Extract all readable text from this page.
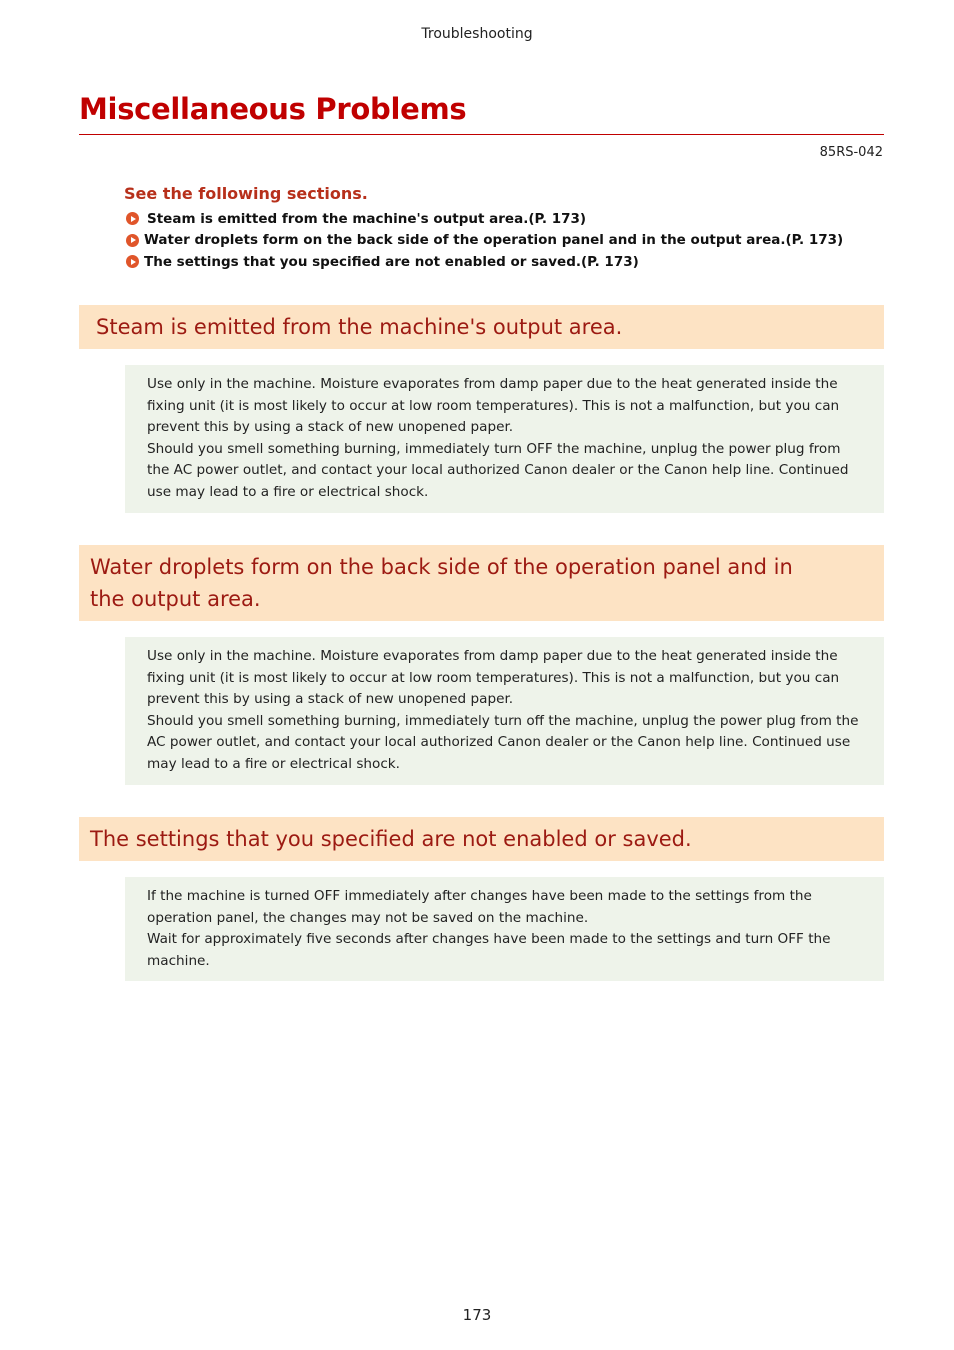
Troubleshooting
Miscellaneous Problems
85RS-042
See the following sections.
Steam is emitted from the machine's output area.(P. 173)
Water droplets form on the back side of the operation panel and in the output area.(P. 173)
The settings that you specified are not enabled or saved.(P. 173)
Steam is emitted from the machine's output area.

Use only in the machine. Moisture evaporates from damp paper due to the heat generated inside the fixing unit (it is most likely to occur at low room temperatures). This is not a malfunction, but you can prevent this by using a stack of new unopened paper.

Should you smell something burning, immediately turn OFF the machine, unplug the power plug from the AC power outlet, and contact your local authorized Canon dealer or the Canon help line. Continued use may lead to a fire or electrical shock.

Water droplets form on the back side of the operation panel and in the output area.

Use only in the machine. Moisture evaporates from damp paper due to the heat generated inside the fixing unit (it is most likely to occur at low room temperatures). This is not a malfunction, but you can prevent this by using a stack of new unopened paper.

Should you smell something burning, immediately turn off the machine, unplug the power plug from the AC power outlet, and contact your local authorized Canon dealer or the Canon help line. Continued use may lead to a fire or electrical shock.

The settings that you specified are not enabled or saved.

If the machine is turned OFF immediately after changes have been made to the settings from the operation panel, the changes may not be saved on the machine.

Wait for approximately five seconds after changes have been made to the settings and turn OFF the machine.

173
